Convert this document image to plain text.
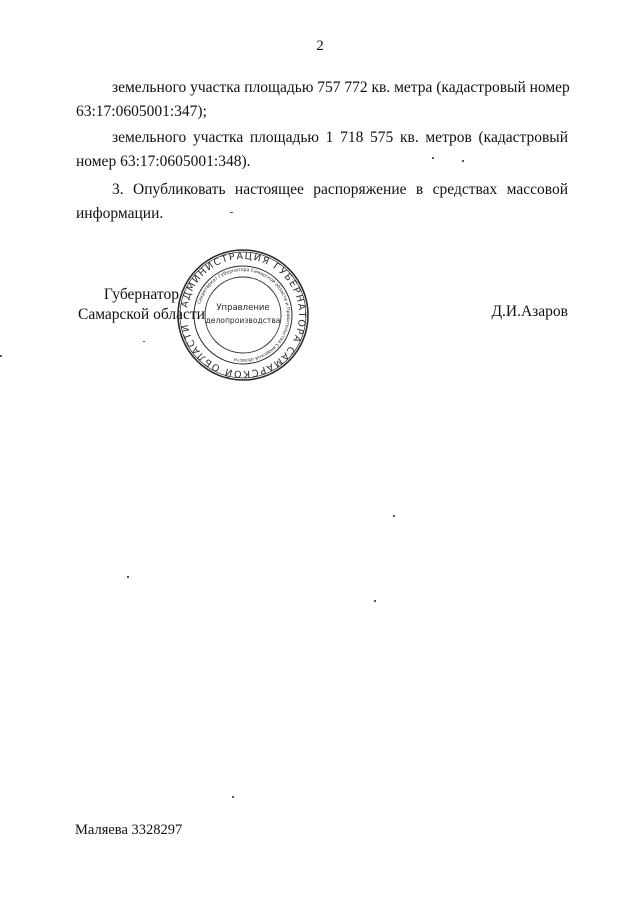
2
земельного участка площадью 757 772 кв. метра (кадастровый номер
63:17:0605001:347);
земельного участка площадью 1 718 575 кв. метров (кадастровый
номер 63:17:0605001:348).
3. Опубликовать настоящее распоряжение в средствах массовой
информации.
Губернатор
Самарской области	Д.И.Азаров
АДМИНИСТРАЦИЯ ГУБЕРНАТОРА САМАРСКОЙ ОБЛАСТИ
Секретариат Губернатора Самарской области и Правительства Самарской области
Управление
делопроизводства
Маляева 3328297
